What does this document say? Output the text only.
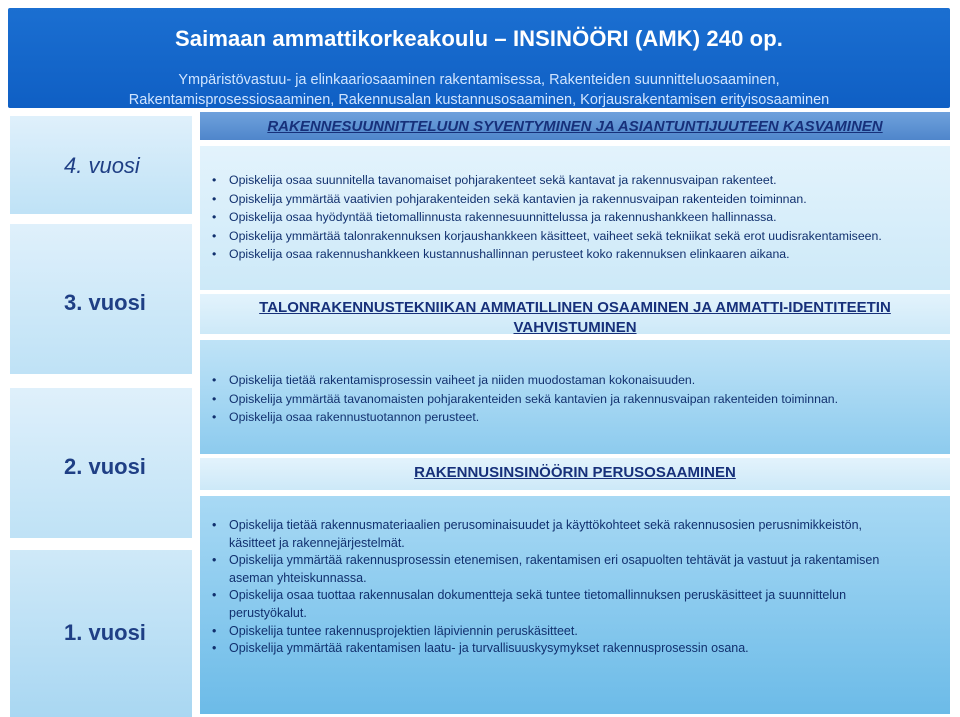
Saimaan ammattikorkeakoulu – INSINÖÖRI (AMK) 240 op.
Ympäristövastuu- ja elinkaariosaaminen rakentamisessa, Rakenteiden suunnitteluosaaminen,
Rakentamisprosessiosaaminen, Rakennusalan kustannusosaaminen, Korjausrakentamisen erityisosaaminen
4. vuosi
3. vuosi
2. vuosi
1. vuosi
RAKENNESUUNNITTELUUN SYVENTYMINEN JA ASIANTUNTIJUUTEEN KASVAMINEN
• Opiskelija osaa suunnitella tavanomaiset pohjarakenteet sekä kantavat ja rakennusvaipan rakenteet.
• Opiskelija ymmärtää vaativien pohjarakenteiden sekä kantavien ja rakennusvaipan rakenteiden toiminnan.
• Opiskelija osaa hyödyntää tietomallinnusta rakennesuunnittelussa ja rakennushankkeen hallinnassa.
• Opiskelija ymmärtää talonrakennuksen korjaushankkeen käsitteet, vaiheet sekä tekniikat sekä erot uudisrakentamiseen.
• Opiskelija osaa rakennushankkeen kustannushallinnan perusteet koko rakennuksen elinkaaren aikana.
TALONRAKENNUSTEKNIIKAN AMMATILLINEN OSAAMINEN JA AMMATTI-IDENTITEETIN
VAHVISTUMINEN
• Opiskelija tietää rakentamisprosessin vaiheet ja niiden muodostaman kokonaisuuden.
• Opiskelija ymmärtää tavanomaisten pohjarakenteiden sekä kantavien ja rakennusvaipan rakenteiden toiminnan.
• Opiskelija osaa rakennustuotannon perusteet.
RAKENNUSINSINÖÖRIN PERUSOSAAMINEN
• Opiskelija tietää rakennusmateriaalien perusominaisuudet ja käyttökohteet sekä rakennusosien perusnimikkeistön,
käsitteet ja rakennejärjestelmät.
• Opiskelija ymmärtää rakennusprosessin etenemisen, rakentamisen eri osapuolten tehtävät ja vastuut ja rakentamisen
aseman yhteiskunnassa.
• Opiskelija osaa tuottaa rakennusalan dokumentteja sekä tuntee tietomallinnuksen peruskäsitteet ja suunnittelun
perustyökalut.
• Opiskelija tuntee rakennusprojektien läpiviennin peruskäsitteet.
• Opiskelija ymmärtää rakentamisen laatu- ja turvallisuuskysymykset rakennusprosessin osana.
